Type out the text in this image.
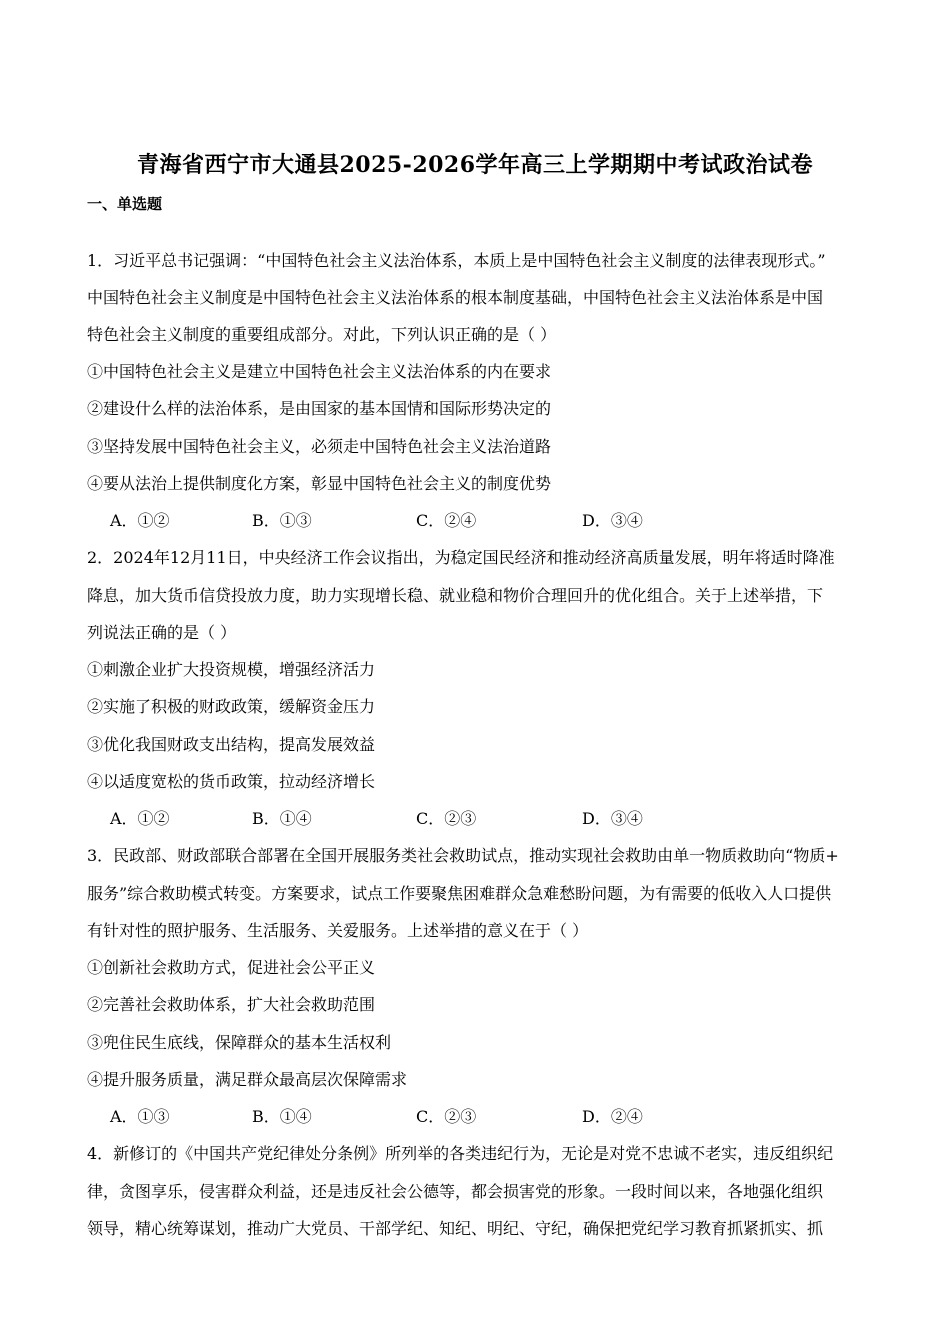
青海省西宁市大通县2025-2026学年高三上学期期中考试政治试卷
一、单选题
1．习近平总书记强调：“中国特色社会主义法治体系，本质上是中国特色社会主义制度的法律表现形式。”
中国特色社会主义制度是中国特色社会主义法治体系的根本制度基础，中国特色社会主义法治体系是中国
特色社会主义制度的重要组成部分。对此，下列认识正确的是（ ）
①中国特色社会主义是建立中国特色社会主义法治体系的内在要求
②建设什么样的法治体系，是由国家的基本国情和国际形势决定的
③坚持发展中国特色社会主义，必须走中国特色社会主义法治道路
④要从法治上提供制度化方案，彰显中国特色社会主义的制度优势
A．①②	B．①③	C．②④	D．③④
2．2024年12月11日，中央经济工作会议指出，为稳定国民经济和推动经济高质量发展，明年将适时降准
降息，加大货币信贷投放力度，助力实现增长稳、就业稳和物价合理回升的优化组合。关于上述举措，下
列说法正确的是（ ）
①刺激企业扩大投资规模，增强经济活力
②实施了积极的财政政策，缓解资金压力
③优化我国财政支出结构，提高发展效益
④以适度宽松的货币政策，拉动经济增长
A．①②	B．①④	C．②③	D．③④
3．民政部、财政部联合部署在全国开展服务类社会救助试点，推动实现社会救助由单一物质救助向“物质+
服务”综合救助模式转变。方案要求，试点工作要聚焦困难群众急难愁盼问题，为有需要的低收入人口提供
有针对性的照护服务、生活服务、关爱服务。上述举措的意义在于（ ）
①创新社会救助方式，促进社会公平正义
②完善社会救助体系，扩大社会救助范围
③兜住民生底线，保障群众的基本生活权利
④提升服务质量，满足群众最高层次保障需求
A．①③	B．①④	C．②③	D．②④
4．新修订的《中国共产党纪律处分条例》所列举的各类违纪行为，无论是对党不忠诚不老实，违反组织纪
律，贪图享乐，侵害群众利益，还是违反社会公德等，都会损害党的形象。一段时间以来，各地强化组织
领导，精心统筹谋划，推动广大党员、干部学纪、知纪、明纪、守纪，确保把党纪学习教育抓紧抓实、抓
